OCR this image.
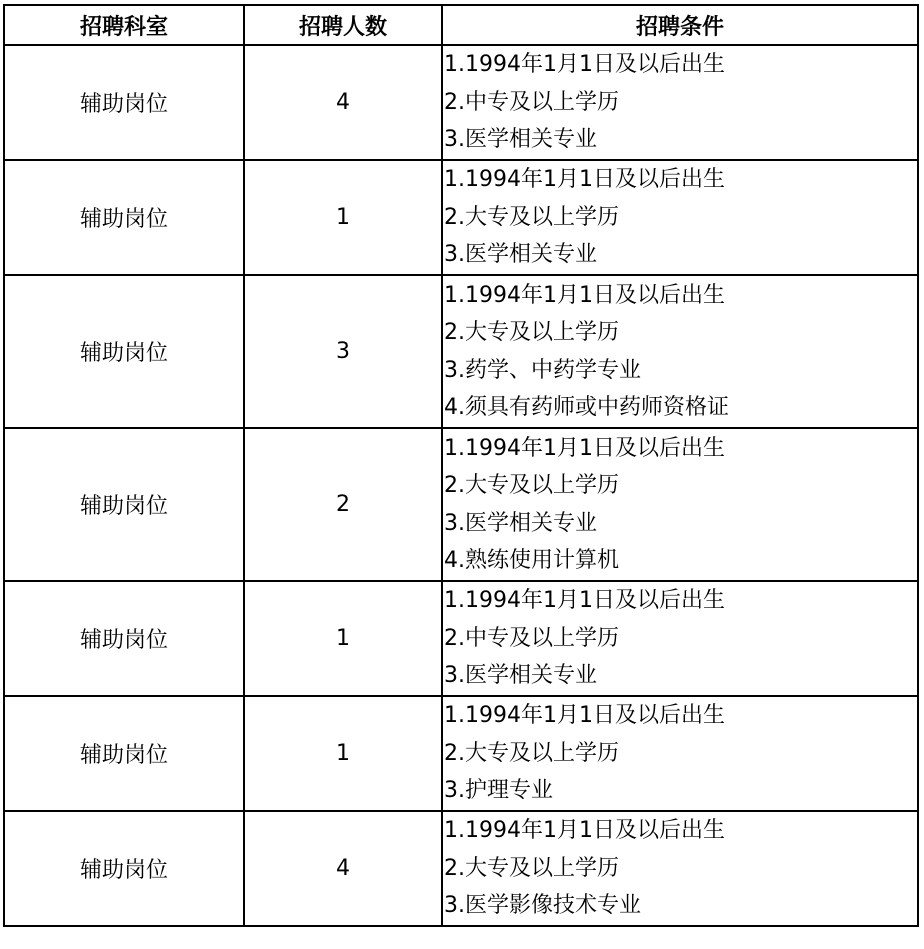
招聘科室	招聘人数	招聘条件
辅助岗位	4	1.1994年1月1日及以后出生
2.中专及以上学历
3.医学相关专业

辅助岗位	1	1.1994年1月1日及以后出生
2.大专及以上学历
3.医学相关专业

辅助岗位	3	1.1994年1月1日及以后出生
2.大专及以上学历
3.药学、中药学专业
4.须具有药师或中药师资格证

辅助岗位	2	1.1994年1月1日及以后出生
2.大专及以上学历
3.医学相关专业
4.熟练使用计算机

辅助岗位	1	1.1994年1月1日及以后出生
2.中专及以上学历
3.医学相关专业

辅助岗位	1	1.1994年1月1日及以后出生
2.大专及以上学历
3.护理专业

辅助岗位	4	1.1994年1月1日及以后出生
2.大专及以上学历
3.医学影像技术专业
